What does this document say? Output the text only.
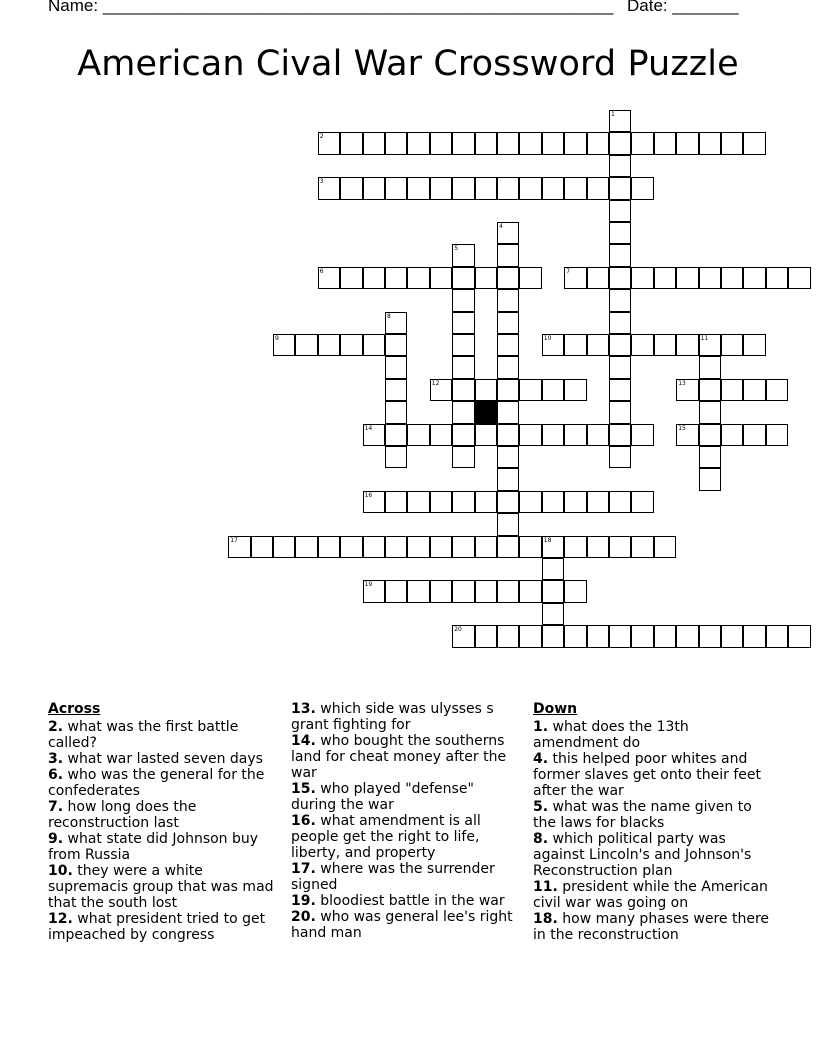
Name: ______________________________________________________ Date: _______
American Cival War Crossword Puzzle
2
3
6	7
9	10	11
12	13
14	15
16
17	18
19
20
1
4
5
8
Across
2. what was the first battle called?
3. what war lasted seven days
6. who was the general for the confederates
7. how long does the reconstruction last
9. what state did Johnson buy from Russia
10. they were a white supremacis group that was mad that the south lost
12. what president tried to get impeached by congress
13. which side was ulysses s grant fighting for
14. who bought the southerns land for cheat money after the war
15. who played "defense" during the war
16. what amendment is all people get the right to life, liberty, and property
17. where was the surrender signed
19. bloodiest battle in the war
20. who was general lee's right hand man
Down
1. what does the 13th amendment do
4. this helped poor whites and former slaves get onto their feet after the war
5. what was the name given to the laws for blacks
8. which political party was against Lincoln's and Johnson's Reconstruction plan
11. president while the American civil war was going on
18. how many phases were there in the reconstruction
